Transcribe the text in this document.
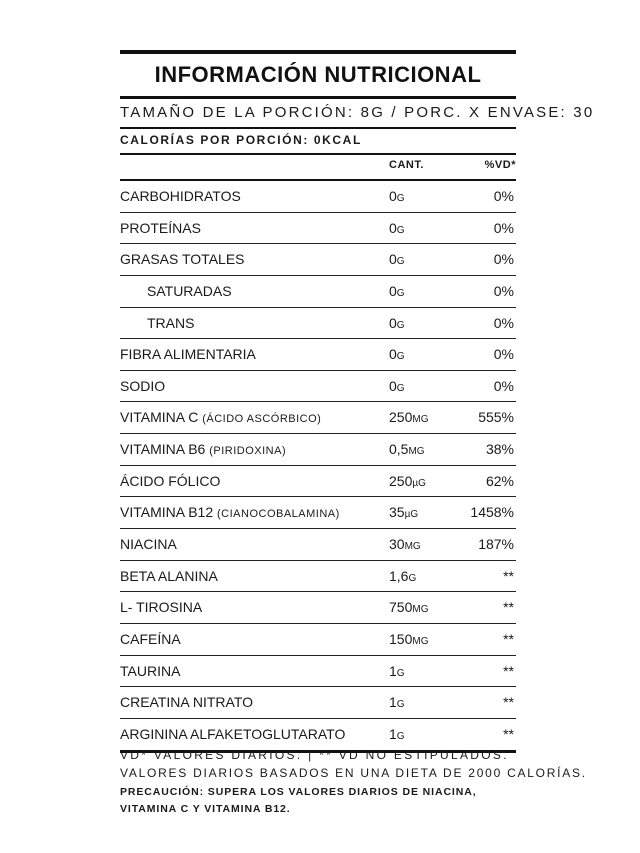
INFORMACIÓN NUTRICIONAL
TAMAÑO DE LA PORCIÓN: 8G / PORC. X ENVASE: 30
CALORÍAS POR PORCIÓN: 0KCAL
CANT.	%VD*
CARBOHIDRATOS	0G	0%
PROTEÍNAS	0G	0%
GRASAS TOTALES	0G	0%
SATURADAS	0G	0%
TRANS	0G	0%
FIBRA ALIMENTARIA	0G	0%
SODIO	0G	0%
VITAMINA C (ÁCIDO ASCÓRBICO)	250MG	555%
VITAMINA B6 (PIRIDOXINA)	0,5MG	38%
ÁCIDO FÓLICO	250µG	62%
VITAMINA B12 (CIANOCOBALAMINA)	35µG	1458%
NIACINA	30MG	187%
BETA ALANINA	1,6G	**
L- TIROSINA	750MG	**
CAFEÍNA	150MG	**
TAURINA	1G	**
CREATINA NITRATO	1G	**
ARGININA ALFAKETOGLUTARATO	1G	**
VD* VALORES DIARIOS. | ** VD NO ESTIPULADOS.
VALORES DIARIOS BASADOS EN UNA DIETA DE 2000 CALORÍAS.
PRECAUCIÓN: SUPERA LOS VALORES DIARIOS DE NIACINA, VITAMINA C Y VITAMINA B12.
